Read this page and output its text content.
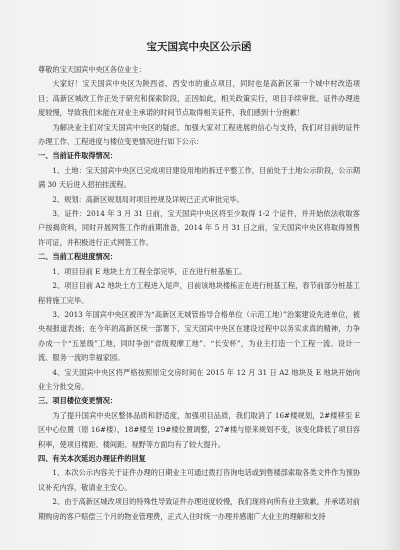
宝天国宾中央区公示函

尊敬的宝天国宾中央区各位业主：

大家好！宝天国宾中央区为陕西省、西安市的重点项目，同时也是高新区第一个城中村改造项目；高新区城改工作正处于研究和探索阶段，正因如此，相关政策实行，项目手续审批、证件办理进度较慢，导致我们未能在对业主承诺的时间节点取得相关证件，我们感到十分抱歉！

为解决业主们对宝天国宾中央区的疑虑，加强大家对工程进展的信心与支持，我们对目前的证件办理工作、工程进度与楼位变更情况进行如下公示：

一、当前证件取得情况：

1、土地：宝天国宾中央区已完成项目建设用地的拆迁平整工作，目前处于土地公示阶段，公示期满 30 天后进入招拍挂流程。

2、规划：高新区规划局对项目控规及详规已正式审批完毕。

3、证件：2014 年 3 月 31 日前，宝天国宾中央区将至少取得 1-2 个证件，并开始依法收取客户按揭资料，同时开展网签工作的前期准备，2014 年 5 月 31 日之前，宝天国宾中央区将取得预售许可证，并积极进行正式网签工作。

二、当前工程进度情况：

1、项目目前 E 地块土方工程全部完毕，正在进行桩基施工。

2、项目目前 A2 地块土方工程进入尾声，目前该地块楼栋正在进行桩基工程，春节前部分桩基工程将施工完毕。

3、2013 年国宾中央区被评为“高新区无城管指导合格单位（示范工地）”治案建设先进单位，被央视报道表扬；在今年的高新区统一部署下，宝天国宾中央区在建设过程中以务实求真的精神，力争办成一个“五星级”工地，同时争创“省级观摩工地”、“长安杯”，为业主打造一个工程一流、设计一流、服务一流的幸福家园。

4、宝天国宾中央区将严格按照原定交房时间在 2015 年 12 月 31 日 A2 地块及 E 地块开始向业主分批交房。

三、项目楼位变更情况：

为了提升国宾中央区整体品质和舒适度，加强项目品质，我们取消了 16#楼规划，2#楼移至 E 区中心位置（原 16#楼），18#楼至 19#楼位置调整，27#楼与原来规划不变，该变化降低了项目容积率，使项目楼距、楼间距、视野等方面均有了较大提升。

四、有关本次延迟办理证件的回复

1、本次公示内容关于证件办理的日期业主可通过拨打咨询电话或到售楼部索取各类文件作为预协议补充内容，敬请业主安心。

2、由于高新区城改项目的特殊性导致证件办理进度较慢，我们现将向所有业主致歉，并承诺对前期购房的客户赔偿三个月的物业管理费，正式入住时统一办理并感谢广大业主的理解和支持
